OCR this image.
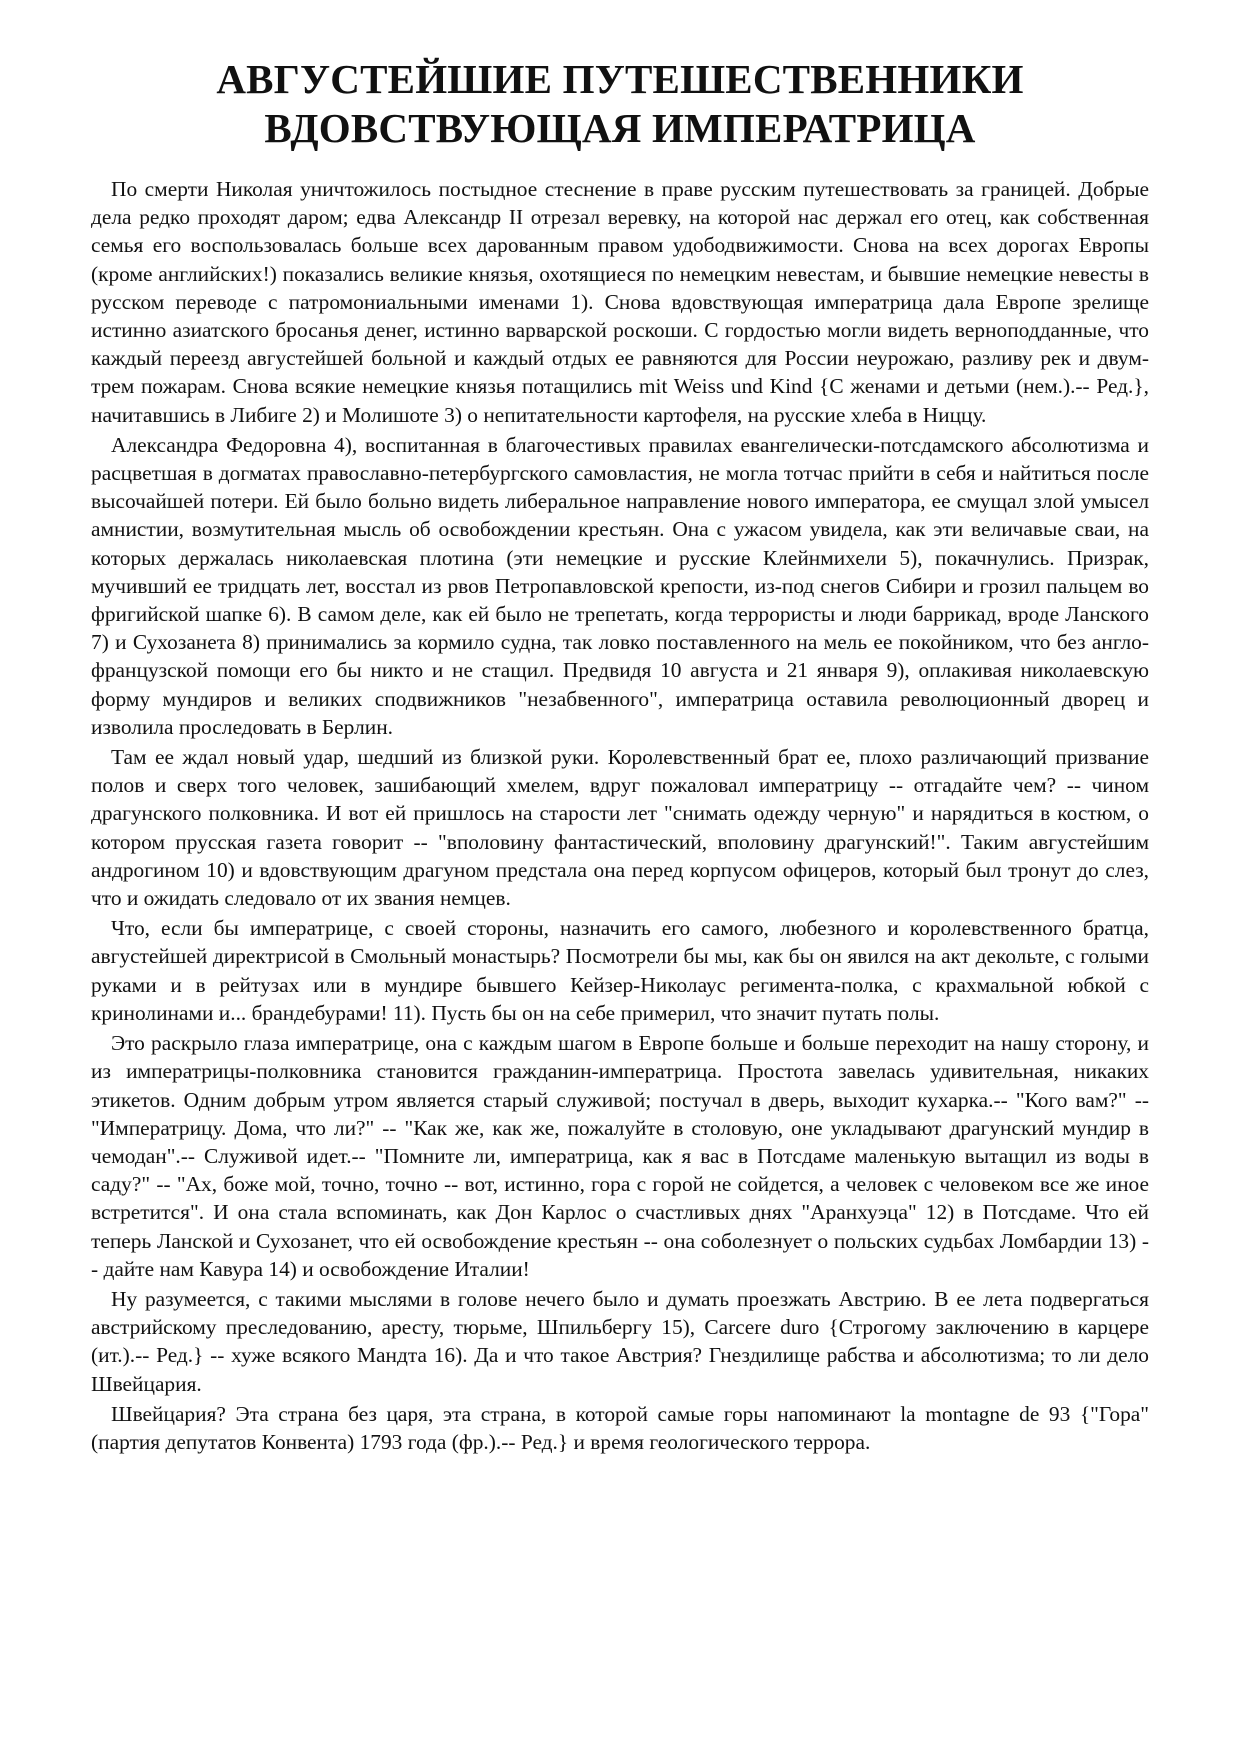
АВГУСТЕЙШИЕ ПУТЕШЕСТВЕННИКИ
ВДОВСТВУЮЩАЯ ИМПЕРАТРИЦА

По смерти Николая уничтожилось постыдное стеснение в праве русским путешествовать за границей. Добрые дела редко проходят даром; едва Александр II отрезал веревку, на которой нас держал его отец, как собственная семья его воспользовалась больше всех дарованным правом удободвижимости. Снова на всех дорогах Европы (кроме английских!) показались великие князья, охотящиеся по немецким невестам, и бывшие немецкие невесты в русском переводе с патромониальными именами 1). Снова вдовствующая императрица дала Европе зрелище истинно азиатского бросанья денег, истинно варварской роскоши. С гордостью могли видеть верноподданные, что каждый переезд августейшей больной и каждый отдых ее равняются для России неурожаю, разливу рек и двум-трем пожарам. Снова всякие немецкие князья потащились mit Weiss und Kind {С женами и детьми (нем.).-- Ред.}, начитавшись в Либиге 2) и Молишоте 3) о непитательности картофеля, на русские хлеба в Ниццу.

Александра Федоровна 4), воспитанная в благочестивых правилах евангелически-потсдамского абсолютизма и расцветшая в догматах православно-петербургского самовластия, не могла тотчас прийти в себя и найтиться после высочайшей потери. Ей было больно видеть либеральное направление нового императора, ее смущал злой умысел амнистии, возмутительная мысль об освобождении крестьян. Она с ужасом увидела, как эти величавые сваи, на которых держалась николаевская плотина (эти немецкие и русские Клейнмихели 5), покачнулись. Призрак, мучивший ее тридцать лет, восстал из рвов Петропавловской крепости, из-под снегов Сибири и грозил пальцем во фригийской шапке 6). В самом деле, как ей было не трепетать, когда террористы и люди баррикад, вроде Ланского 7) и Сухозанета 8) принимались за кормило судна, так ловко поставленного на мель ее покойником, что без англо-французской помощи его бы никто и не стащил. Предвидя 10 августа и 21 января 9), оплакивая николаевскую форму мундиров и великих сподвижников "незабвенного", императрица оставила революционный дворец и изволила проследовать в Берлин.

Там ее ждал новый удар, шедший из близкой руки. Королевственный брат ее, плохо различающий призвание полов и сверх того человек, зашибающий хмелем, вдруг пожаловал императрицу -- отгадайте чем? -- чином драгунского полковника. И вот ей пришлось на старости лет "снимать одежду черную" и нарядиться в костюм, о котором прусская газета говорит -- "вполовину фантастический, вполовину драгунский!". Таким августейшим андрогином 10) и вдовствующим драгуном предстала она перед корпусом офицеров, который был тронут до слез, что и ожидать следовало от их звания немцев.

Что, если бы императрице, с своей стороны, назначить его самого, любезного и королевственного братца, августейшей директрисой в Смольный монастырь? Посмотрели бы мы, как бы он явился на акт декольте, с голыми руками и в рейтузах или в мундире бывшего Кейзер-Николаус регимента-полка, с крахмальной юбкой с кринолинами и... брандебурами! 11). Пусть бы он на себе примерил, что значит путать полы.

Это раскрыло глаза императрице, она с каждым шагом в Европе больше и больше переходит на нашу сторону, и из императрицы-полковника становится гражданин-императрица. Простота завелась удивительная, никаких этикетов. Одним добрым утром является старый служивой; постучал в дверь, выходит кухарка.-- "Кого вам?" -- "Императрицу. Дома, что ли?" -- "Как же, как же, пожалуйте в столовую, оне укладывают драгунский мундир в чемодан".-- Служивой идет.-- "Помните ли, императрица, как я вас в Потсдаме маленькую вытащил из воды в саду?" -- "Ах, боже мой, точно, точно -- вот, истинно, гора с горой не сойдется, а человек с человеком все же иное встретится". И она стала вспоминать, как Дон Карлос о счастливых днях "Аранхуэца" 12) в Потсдаме. Что ей теперь Ланской и Сухозанет, что ей освобождение крестьян -- она соболезнует о польских судьбах Ломбардии 13) -- дайте нам Кавура 14) и освобождение Италии!

Ну разумеется, с такими мыслями в голове нечего было и думать проезжать Австрию. В ее лета подвергаться австрийскому преследованию, аресту, тюрьме, Шпильбергу 15), Carcere duro {Строгому заключению в карцере (ит.).-- Ред.} -- хуже всякого Мандта 16). Да и что такое Австрия? Гнездилище рабства и абсолютизма; то ли дело Швейцария.

Швейцария? Эта страна без царя, эта страна, в которой самые горы напоминают la montagne de 93 {"Гора" (партия депутатов Конвента) 1793 года (фр.).-- Ред.} и время геологического террора.
